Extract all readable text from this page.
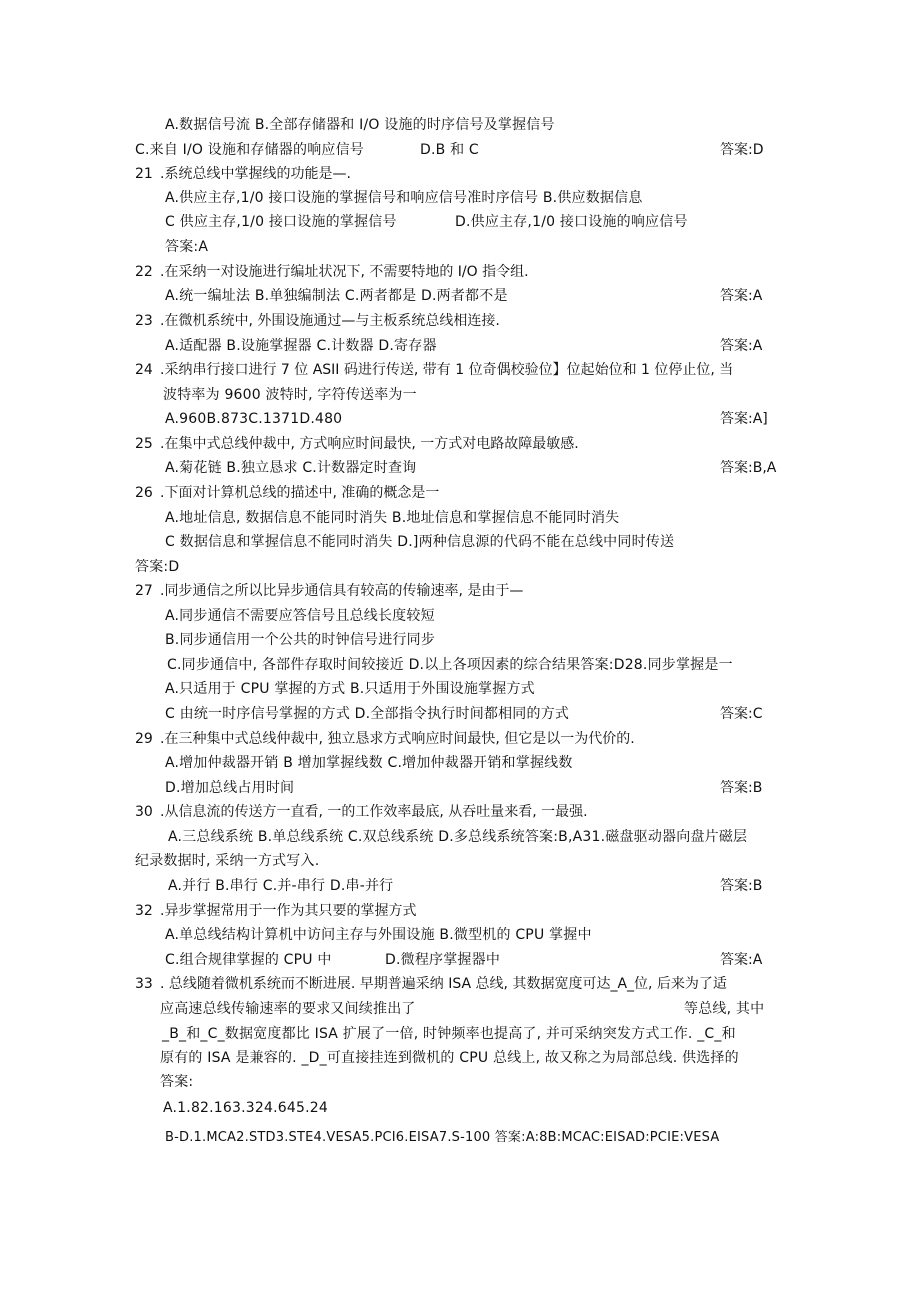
A.数据信号流 B.全部存储器和 I/O 设施的时序信号及掌握信号
C.来自 I/O 设施和存储器的响应信号	D.B 和 C	答案:D
21 .系统总线中掌握线的功能是—.
A.供应主存,1/0 接口设施的掌握信号和响应信号准时序信号 B.供应数据信息
C 供应主存,1/0 接口设施的掌握信号	D.供应主存,1/0 接口设施的响应信号
答案:A
22 .在采纳一对设施进行编址状况下, 不需要特地的 I/O 指令组.
A.统一编址法 B.单独编制法 C.两者都是 D.两者都不是	答案:A
23 .在微机系统中, 外围设施通过—与主板系统总线相连接.
A.适配器 B.设施掌握器 C.计数器 D.寄存器	答案:A
24 .采纳串行接口进行 7 位 ASII 码进行传送, 带有 1 位奇偶校验位】位起始位和 1 位停止位, 当
波特率为 9600 波特时, 字符传送率为一
A.960B.873C.1371D.480	答案:A]
25 .在集中式总线仲裁中, 方式响应时间最快, 一方式对电路故障最敏感.
A.菊花链 B.独立恳求 C.计数器定时查询	答案:B,A
26 .下面对计算机总线的描述中, 准确的概念是一
A.地址信息, 数据信息不能同时消失 B.地址信息和掌握信息不能同时消失
C 数据信息和掌握信息不能同时消失 D.]两种信息源的代码不能在总线中同时传送
答案:D
27 .同步通信之所以比异步通信具有较高的传输速率, 是由于—
A.同步通信不需要应答信号且总线长度较短
B.同步通信用一个公共的时钟信号进行同步
C.同步通信中, 各部件存取时间较接近 D.以上各项因素的综合结果答案:D28.同步掌握是一
A.只适用于 CPU 掌握的方式 B.只适用于外围设施掌握方式
C 由统一时序信号掌握的方式 D.全部指令执行时间都相同的方式	答案:C
29 .在三种集中式总线仲裁中, 独立恳求方式响应时间最快, 但它是以一为代价的.
A.增加仲裁器开销 B 增加掌握线数 C.增加仲裁器开销和掌握线数
D.增加总线占用时间	答案:B
30 .从信息流的传送方一直看, 一的工作效率最底, 从吞吐量来看, 一最强.
A.三总线系统 B.单总线系统 C.双总线系统 D.多总线系统答案:B,A31.磁盘驱动器向盘片磁层
纪录数据时, 采纳一方式写入.
A.并行 B.串行 C.并-串行 D.串-并行	答案:B
32 .异步掌握常用于一作为其只要的掌握方式
A.单总线结构计算机中访问主存与外围设施 B.微型机的 CPU 掌握中
C.组合规律掌握的 CPU 中	D.微程序掌握器中	答案:A
33 . 总线随着微机系统而不断进展. 早期普遍采纳 ISA 总线, 其数据宽度可达_A_位, 后来为了适
应高速总线传输速率的要求又间续推出了	等总线, 其中
_B_和_C_数据宽度都比 ISA 扩展了一倍, 时钟频率也提高了, 并可采纳突发方式工作. _C_和
原有的 ISA 是兼容的. _D_可直接挂连到微机的 CPU 总线上, 故又称之为局部总线. 供选择的
答案:
A.1.82.163.324.645.24
B-D.1.MCA2.STD3.STE4.VESA5.PCI6.EISA7.S-100 答案:A:8B:MCAC:EISAD:PCIE:VESA
